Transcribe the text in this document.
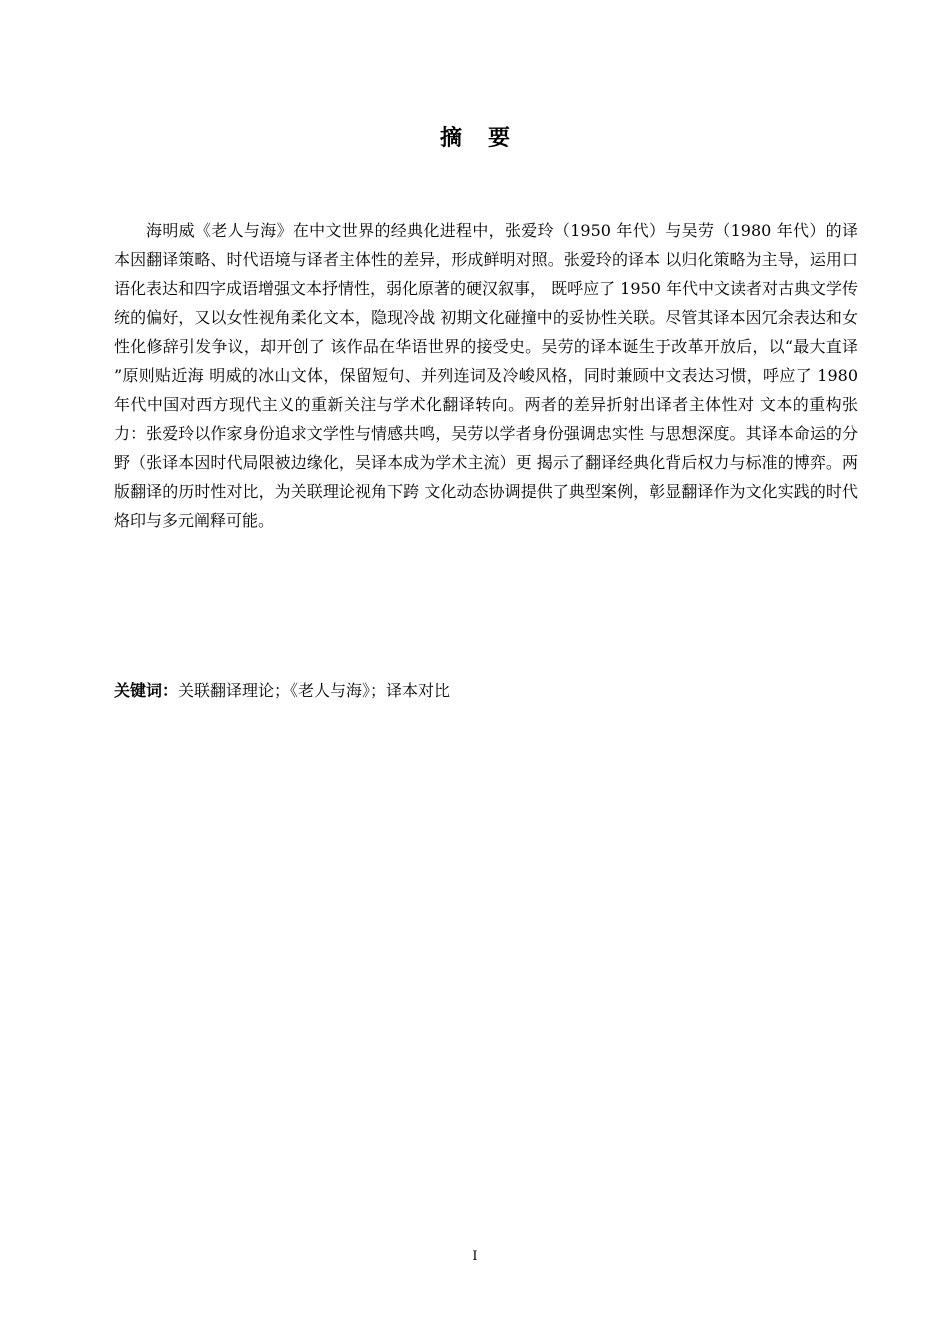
摘要

海明威《老人与海》在中文世界的经典化进程中，张爱玲（1950 年代）与吴劳（1980 年代）的译本因翻译策略、时代语境与译者主体性的差异，形成鲜明对照。张爱玲的译本 以归化策略为主导，运用口语化表达和四字成语增强文本抒情性，弱化原著的硬汉叙事， 既呼应了 1950 年代中文读者对古典文学传统的偏好，又以女性视角柔化文本，隐现冷战 初期文化碰撞中的妥协性关联。尽管其译本因冗余表达和女性化修辞引发争议，却开创了 该作品在华语世界的接受史。吴劳的译本诞生于改革开放后，以“最大直译 ”原则贴近海 明威的冰山文体，保留短句、并列连词及冷峻风格，同时兼顾中文表达习惯，呼应了 1980 年代中国对西方现代主义的重新关注与学术化翻译转向。两者的差异折射出译者主体性对 文本的重构张力：张爱玲以作家身份追求文学性与情感共鸣，吴劳以学者身份强调忠实性 与思想深度。其译本命运的分野（张译本因时代局限被边缘化，吴译本成为学术主流）更 揭示了翻译经典化背后权力与标准的博弈。两版翻译的历时性对比，为关联理论视角下跨 文化动态协调提供了典型案例，彰显翻译作为文化实践的时代烙印与多元阐释可能。

关键词：关联翻译理论；《老人与海》；译本对比

I
